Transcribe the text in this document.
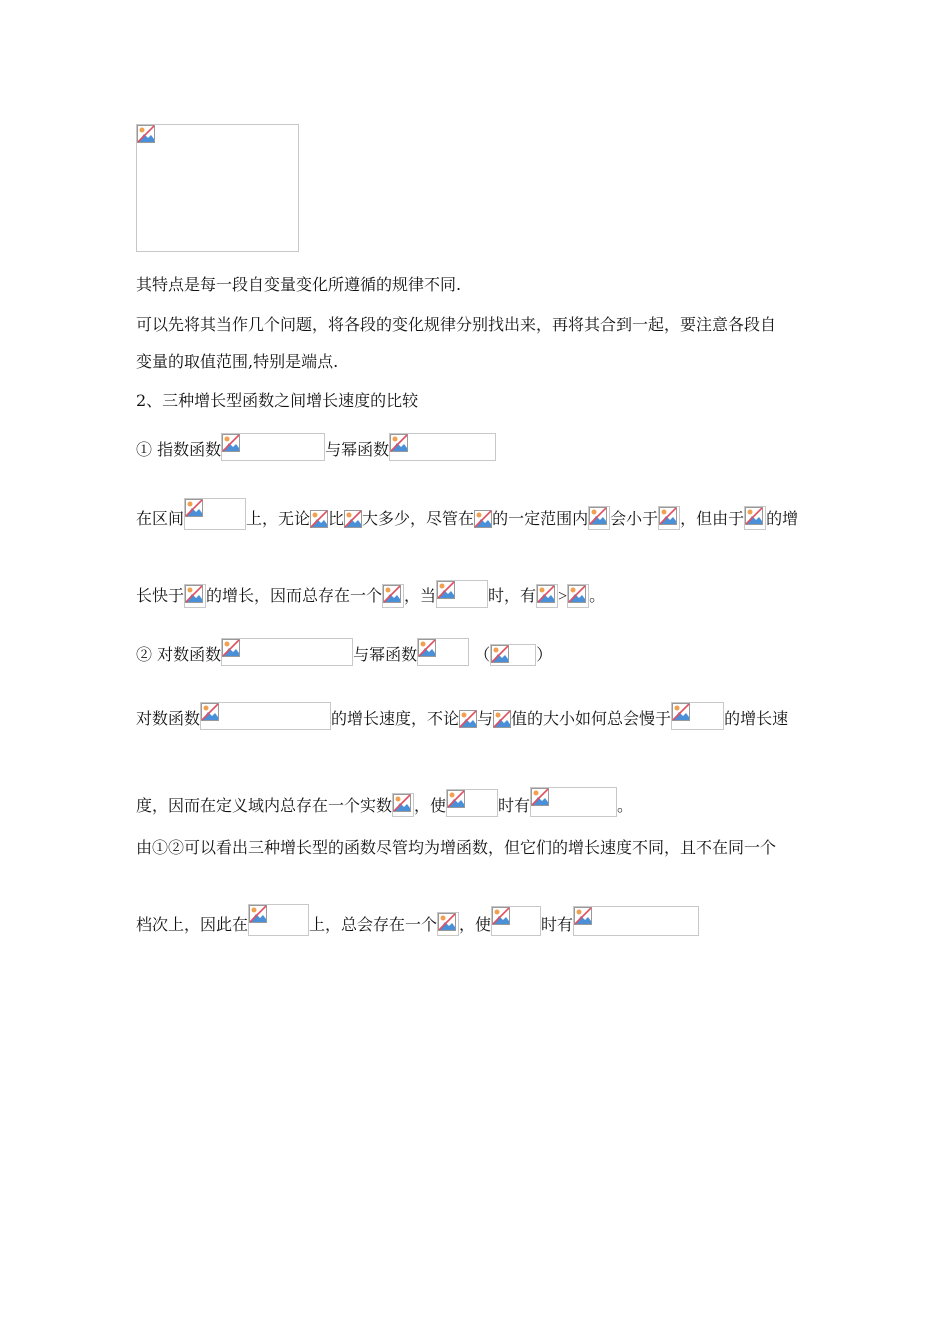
其特点是每一段自变量变化所遵循的规律不同.
可以先将其当作几个问题，将各段的变化规律分别找出来，再将其合到一起，要注意各段自
变量的取值范围,特别是端点.
2、三种增长型函数之间增长速度的比较
① 指数函数	与幂函数
在区间	上，无论 比 大多少，尽管在 的一定范围内 会小于 ，但由于 的增
长快于 的增长，因而总存在一个 ，当	时，有 > 。
② 对数函数	与幂函数	（	）
对数函数	的增长速度，不论 与 值的大小如何总会慢于	的增长速
度，因而在定义域内总存在一个实数 ，使	时有	。
由①②可以看出三种增长型的函数尽管均为增函数，但它们的增长速度不同，且不在同一个
档次上，因此在	上，总会存在一个 ，使	时有
